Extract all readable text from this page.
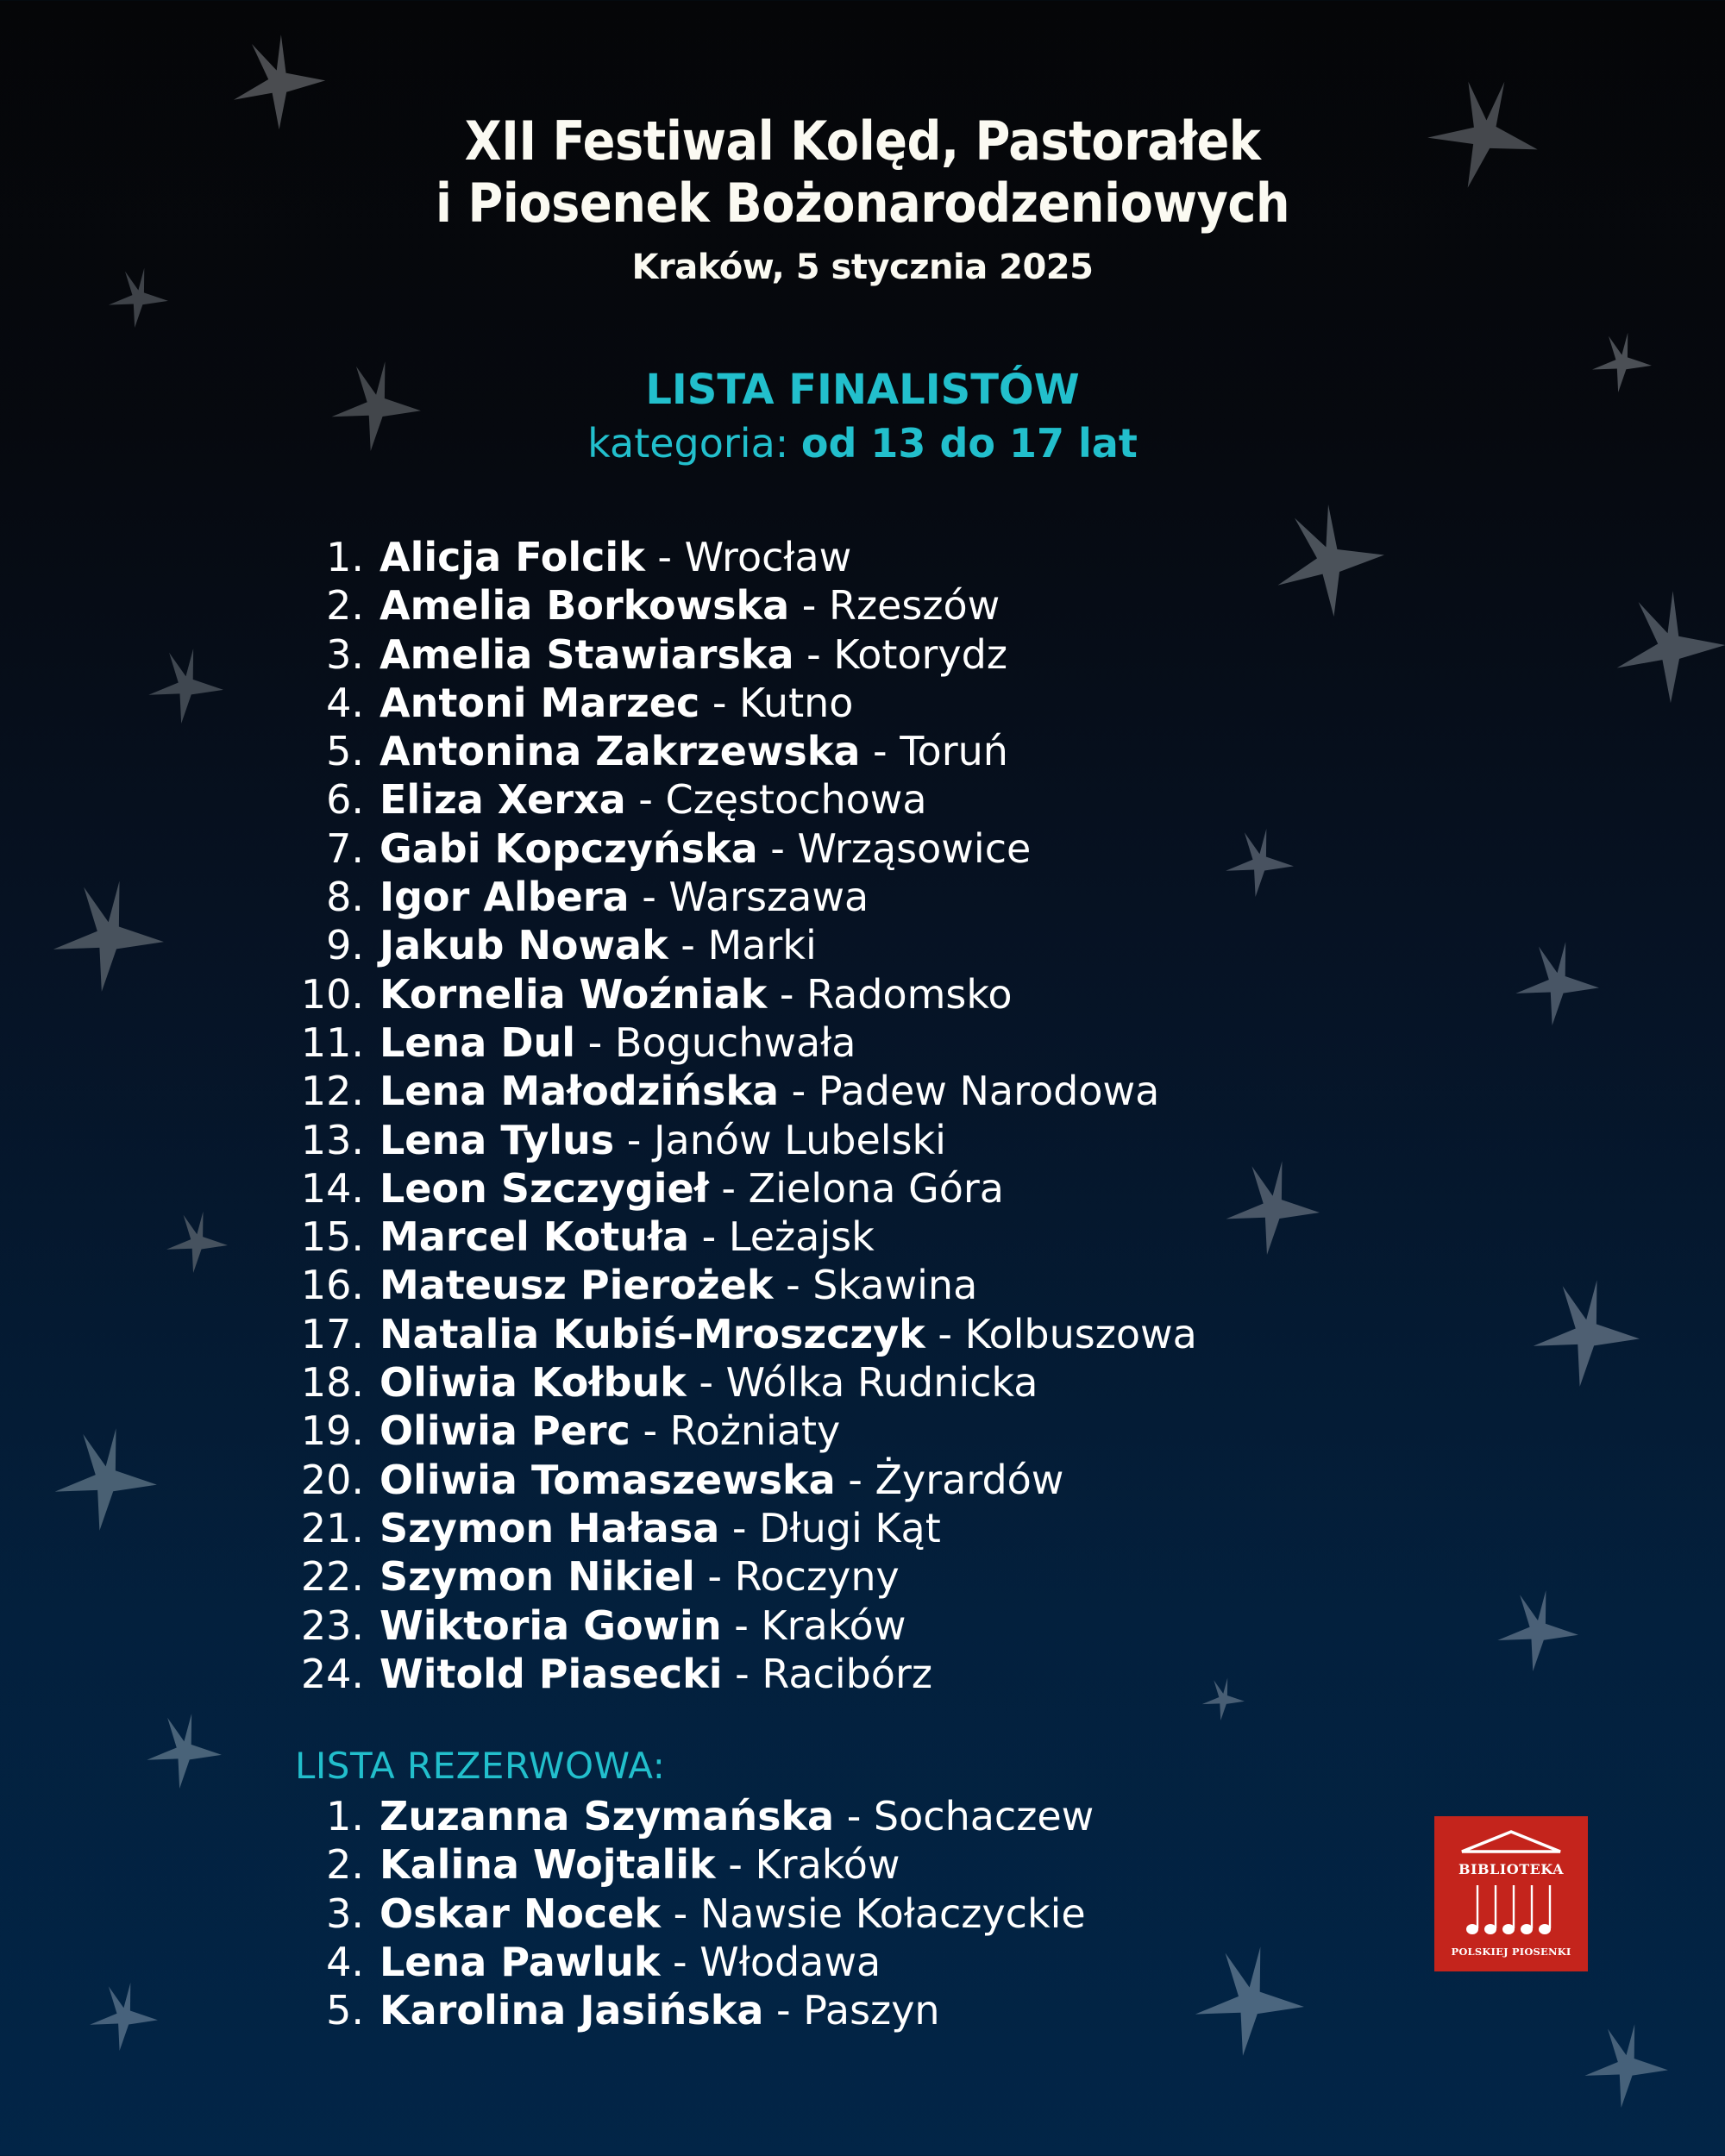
XII Festiwal Kolęd, Pastorałek
i Piosenek Bożonarodzeniowych
Kraków, 5 stycznia 2025
LISTA FINALISTÓW
kategoria: od 13 do 17 lat
1. Alicja Folcik - Wrocław
2. Amelia Borkowska - Rzeszów
3. Amelia Stawiarska - Kotorydz
4. Antoni Marzec - Kutno
5. Antonina Zakrzewska - Toruń
6. Eliza Xerxa - Częstochowa
7. Gabi Kopczyńska - Wrząsowice
8. Igor Albera - Warszawa
9. Jakub Nowak - Marki
10. Kornelia Woźniak - Radomsko
11. Lena Dul - Boguchwała
12. Lena Małodzińska - Padew Narodowa
13. Lena Tylus - Janów Lubelski
14. Leon Szczygieł - Zielona Góra
15. Marcel Kotuła - Leżajsk
16. Mateusz Pierożek - Skawina
17. Natalia Kubiś-Mroszczyk - Kolbuszowa
18. Oliwia Kołbuk - Wólka Rudnicka
19. Oliwia Perc - Rożniaty
20. Oliwia Tomaszewska - Żyrardów
21. Szymon Hałasa - Długi Kąt
22. Szymon Nikiel - Roczyny
23. Wiktoria Gowin - Kraków
24. Witold Piasecki - Racibórz
LISTA REZERWOWA:
1. Zuzanna Szymańska - Sochaczew
2. Kalina Wojtalik - Kraków
3. Oskar Nocek - Nawsie Kołaczyckie
4. Lena Pawluk - Włodawa
5. Karolina Jasińska - Paszyn
BIBLIOTEKA
POLSKIEJ PIOSENKI
